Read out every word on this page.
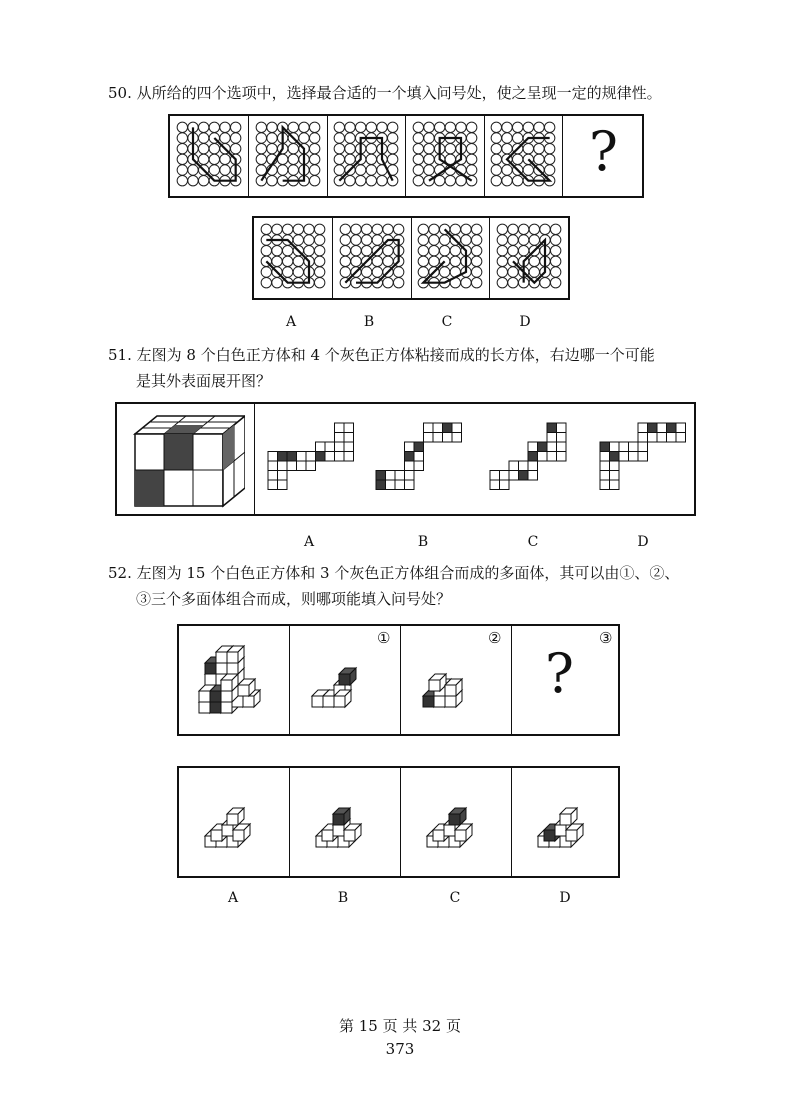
50. 从所给的四个选项中，选择最合适的一个填入问号处，使之呈现一定的规律性。
?
A	B	C	D
51. 左图为 8 个白色正方体和 4 个灰色正方体粘接而成的长方体，右边哪一个可能
是其外表面展开图？
A	B	C	D
52. 左图为 15 个白色正方体和 3 个灰色正方体组合而成的多面体，其可以由①、②、
③三个多面体组合而成，则哪项能填入问号处？
①	②	③
?
A	B	C	D
第 15 页 共 32 页
373
